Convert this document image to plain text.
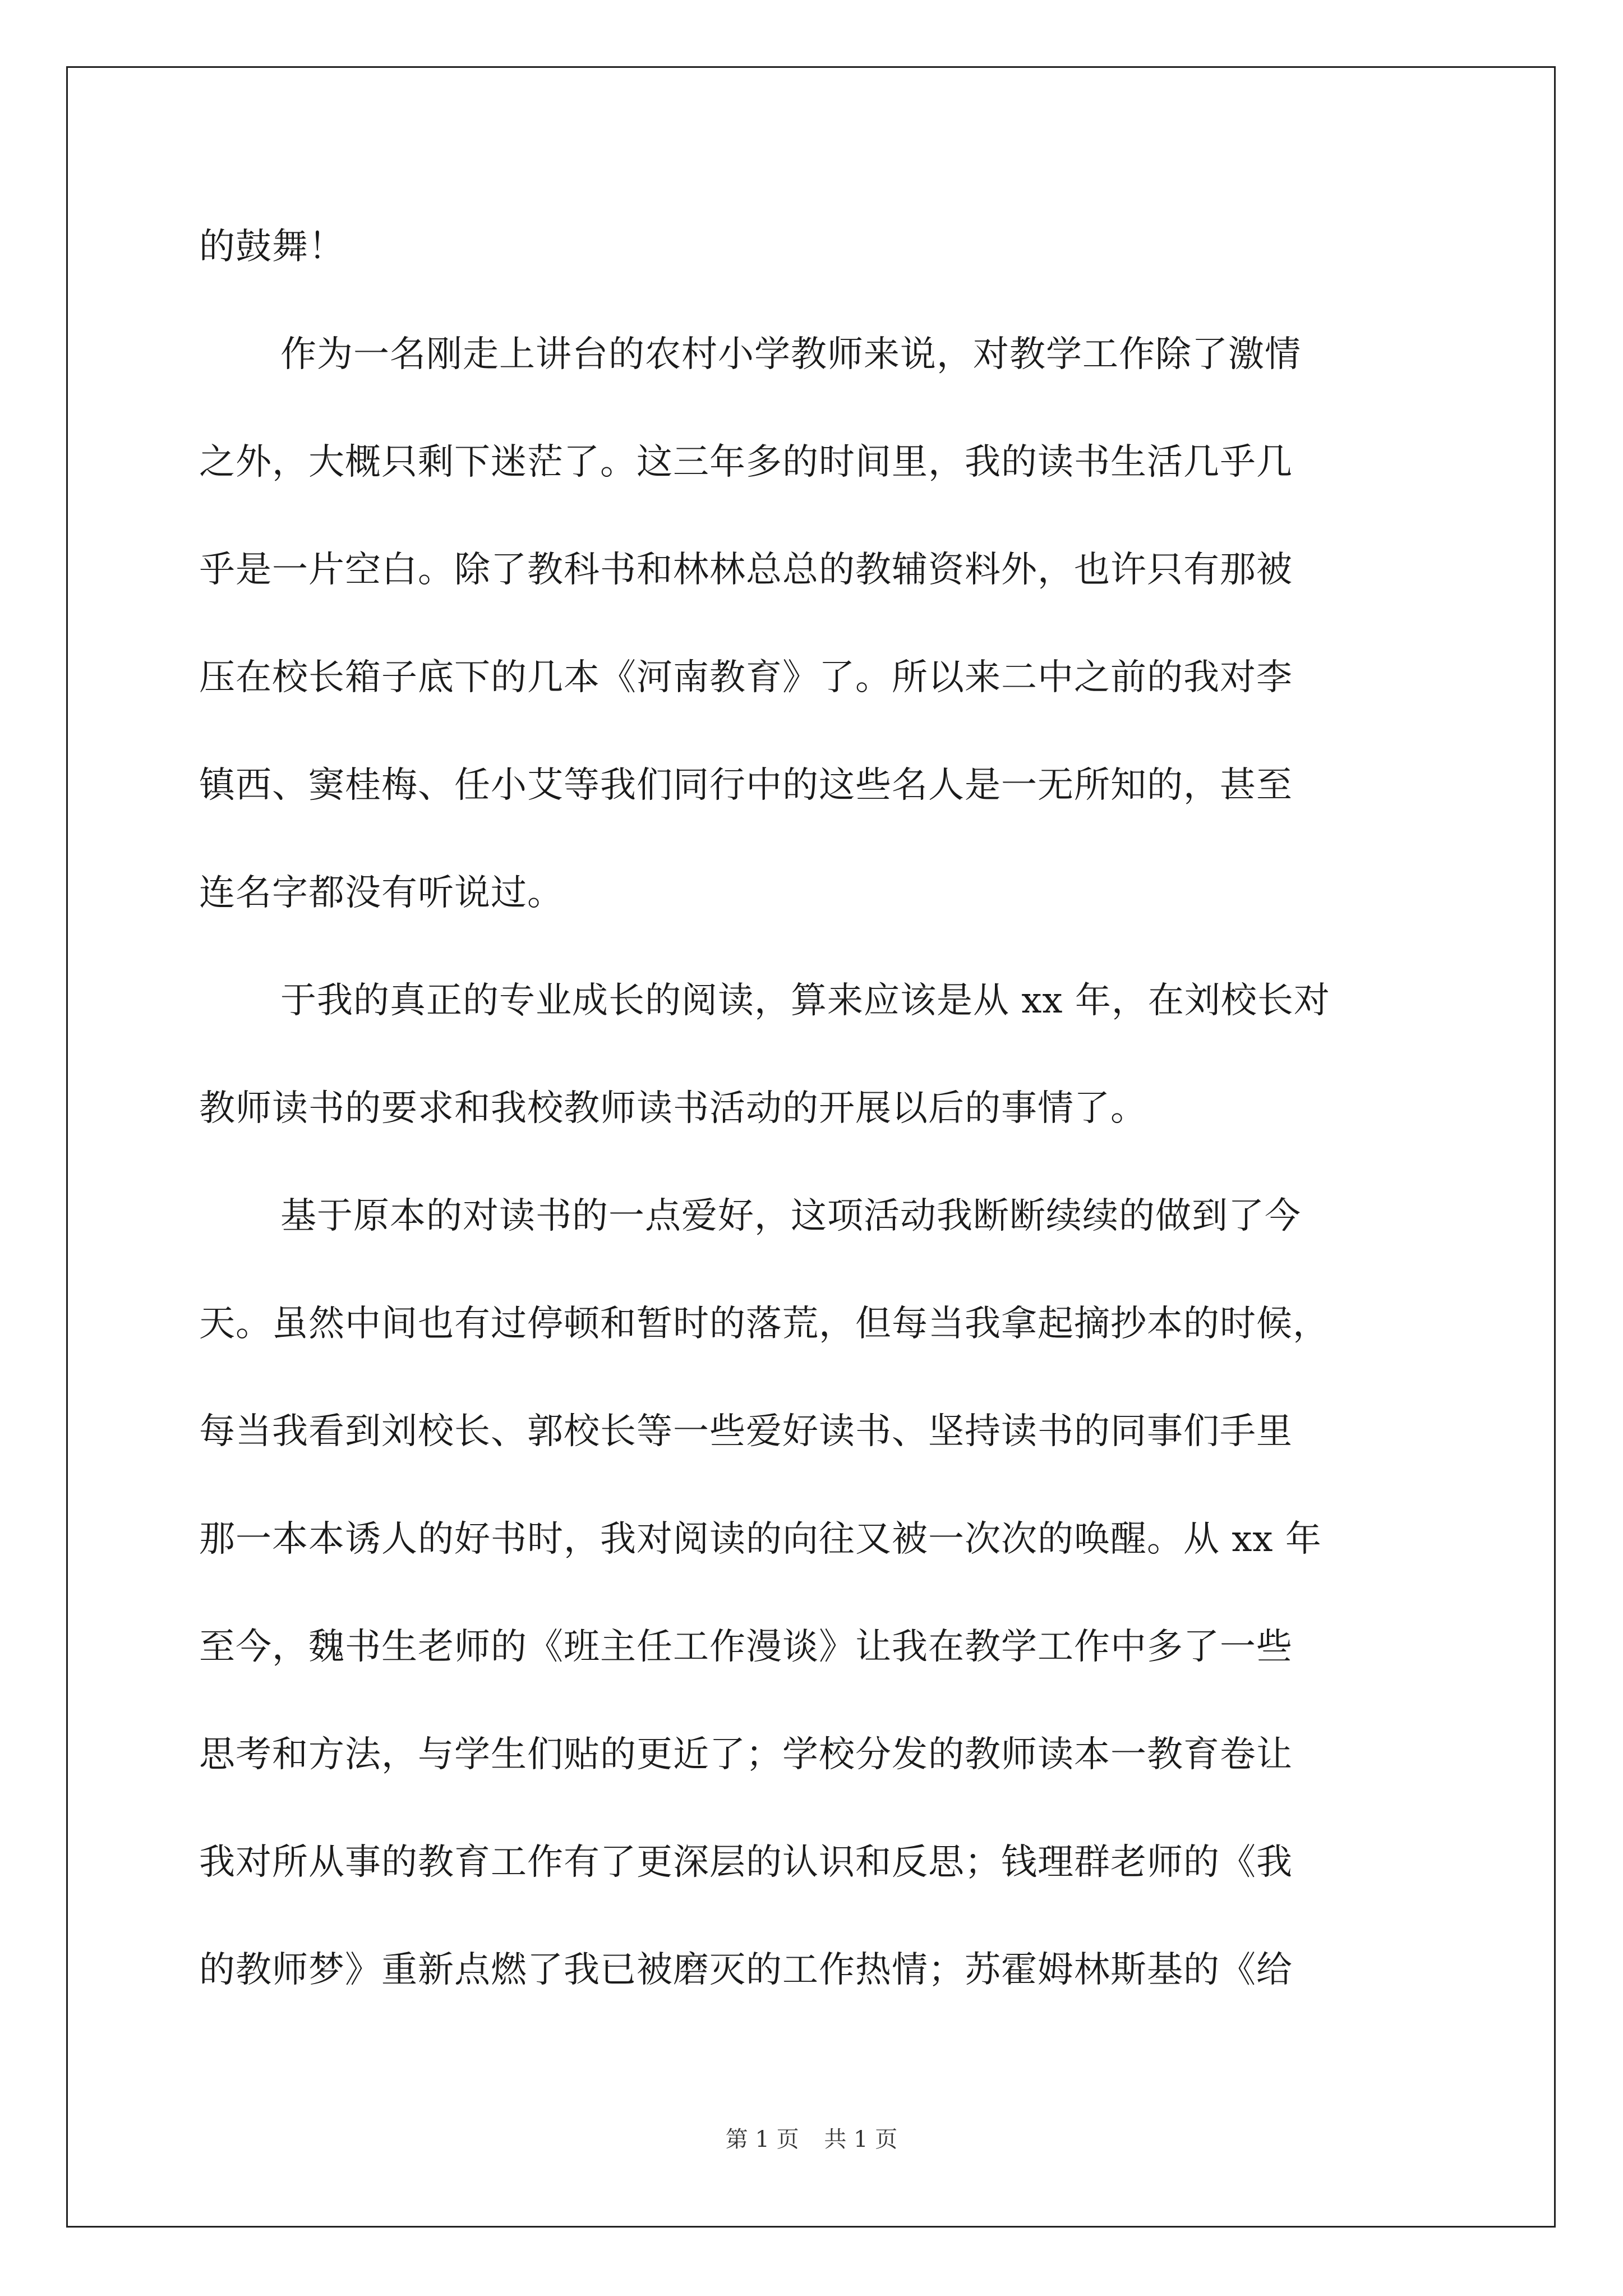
的鼓舞！
作为一名刚走上讲台的农村小学教师来说，对教学工作除了激情
之外，大概只剩下迷茫了。这三年多的时间里，我的读书生活几乎几
乎是一片空白。除了教科书和林林总总的教辅资料外，也许只有那被
压在校长箱子底下的几本《河南教育》了。所以来二中之前的我对李
镇西、窦桂梅、任小艾等我们同行中的这些名人是一无所知的，甚至
连名字都没有听说过。
于我的真正的专业成长的阅读，算来应该是从 xx 年，在刘校长对
教师读书的要求和我校教师读书活动的开展以后的事情了。
基于原本的对读书的一点爱好，这项活动我断断续续的做到了今
天。虽然中间也有过停顿和暂时的落荒，但每当我拿起摘抄本的时候，
每当我看到刘校长、郭校长等一些爱好读书、坚持读书的同事们手里
那一本本诱人的好书时，我对阅读的向往又被一次次的唤醒。从 xx 年
至今，魏书生老师的《班主任工作漫谈》让我在教学工作中多了一些
思考和方法，与学生们贴的更近了；学校分发的教师读本一教育卷让
我对所从事的教育工作有了更深层的认识和反思；钱理群老师的《我
的教师梦》重新点燃了我已被磨灭的工作热情；苏霍姆林斯基的《给
第 1 页 共 1 页
